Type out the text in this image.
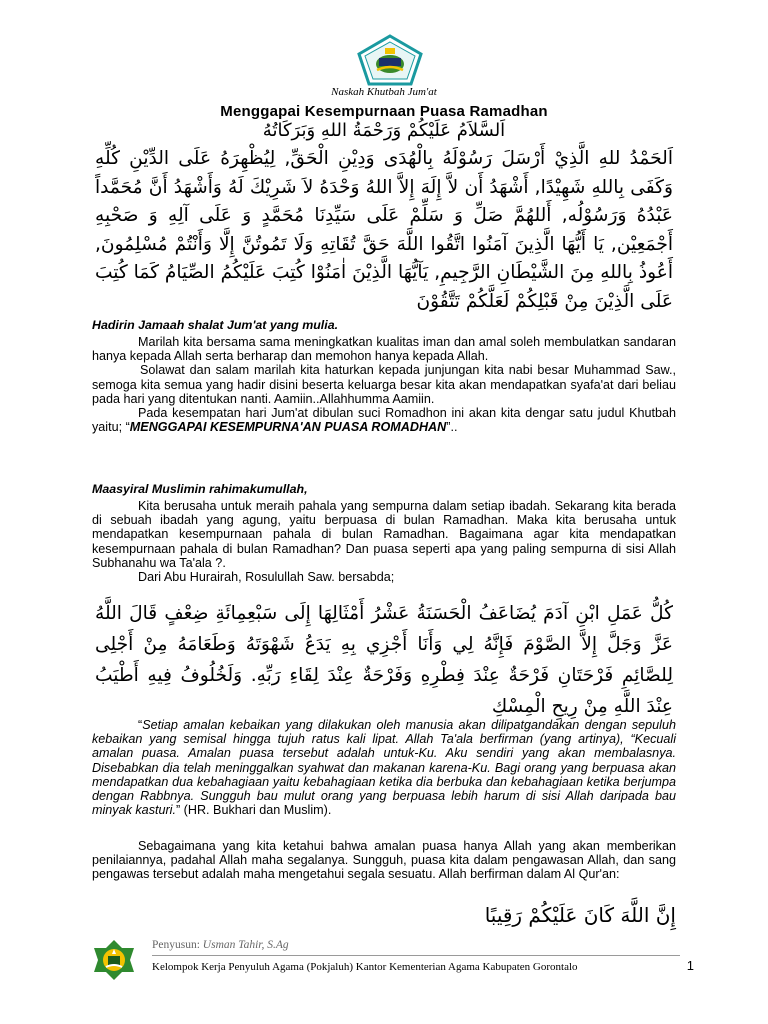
Naskah Khutbah Jum'at
Menggapai Kesempurnaan Puasa Ramadhan
اَلسَّلاَمُ عَلَيْكُمْ وَرَحْمَةُ اللهِ وَبَرَكَاتُهُ
اَلحَمْدُ للهِ الَّذِيْ أَرْسَلَ رَسُوْلَهُ بِالْهُدَى وَدِيْنِ الْحَقِّ, لِيُظْهِرَهُ عَلَى الدِّيْنِ كُلِّهِ وَكَفَى بِاللهِ شَهِيْدًا, أَشْهَدُ أَن لاَّ إِلَهَ إِلاَّ اللهُ وَحْدَهُ لاَ شَرِيْكَ لَهُ وَأَشْهَدُ أَنَّ مُحَمَّداً عَبْدُهُ وَرَسُوْلُه, أَللهُمَّ صَلِّ وَ سَلِّمْ عَلَى سَيِّدِنَا مُحَمَّدٍ وَ عَلَى آلِهِ وَ صَحْبِهِ أَجْمَعِيْن, يَا أَيُّهَا الَّذِينَ آمَنُوا اتَّقُوا اللَّهَ حَقَّ تُقَاتِهِ وَلَا تَمُوتُنَّ إِلَّا وَأَنْتُمْ مُسْلِمُونَ, أَعُوذُ بِاللهِ مِنَ الشَّيْطَانِ الرَّجِيمِ, يَآيُّهَا الَّذِيْنَ اٰمَنُوْا كُتِبَ عَلَيْكُمُ الصِّيَامُ كَمَا كُتِبَ عَلَى الَّذِيْنَ مِنْ قَبْلِكُمْ لَعَلَّكُمْ تَتَّقُوْنَ
Hadirin Jamaah shalat Jum'at yang mulia.

Marilah kita bersama sama meningkatkan kualitas iman dan amal soleh membulatkan sandaran hanya kepada Allah serta berharap dan memohon hanya kepada Allah.

Solawat dan salam marilah kita haturkan kepada junjungan kita nabi besar Muhammad Saw., semoga kita semua yang hadir disini beserta keluarga besar kita akan mendapatkan syafa'at dari beliau pada hari yang ditentukan nanti. Aamiin..Allahhumma Aamiin.

Pada kesempatan hari Jum'at dibulan suci Romadhon ini akan kita dengar satu judul Khutbah yaitu; “MENGGAPAI KESEMPURNA'AN PUASA ROMADHAN”..

Maasyiral Muslimin rahimakumullah,

Kita berusaha untuk meraih pahala yang sempurna dalam setiap ibadah. Sekarang kita berada di sebuah ibadah yang agung, yaitu berpuasa di bulan Ramadhan. Maka kita berusaha untuk mendapatkan kesempurnaan pahala di bulan Ramadhan. Bagaimana agar kita mendapatkan kesempurnaan pahala di bulan Ramadhan? Dan puasa seperti apa yang paling sempurna di sisi Allah Subhanahu wa Ta'ala ?.

Dari Abu Hurairah, Rosulullah Saw. bersabda;

كُلُّ عَمَلِ ابْنِ آدَمَ يُضَاعَفُ الْحَسَنَةُ عَشْرُ أَمْثَالِهَا إِلَى سَبْعِمِائَةِ ضِعْفٍ قَالَ اللَّهُ عَزَّ وَجَلَّ إِلاَّ الصَّوْمَ فَإِنَّهُ لِي وَأَنَا أَجْزِي بِهِ يَدَعُ شَهْوَتَهُ وَطَعَامَهُ مِنْ أَجْلِى لِلصَّائِمِ فَرْحَتَانِ فَرْحَةٌ عِنْدَ فِطْرِهِ وَفَرْحَةٌ عِنْدَ لِقَاءِ رَبِّهِ. وَلَخُلُوفُ فِيهِ أَطْيَبُ عِنْدَ اللَّهِ مِنْ رِيحِ الْمِسْكِ

“Setiap amalan kebaikan yang dilakukan oleh manusia akan dilipatgandakan dengan sepuluh kebaikan yang semisal hingga tujuh ratus kali lipat. Allah Ta'ala berfirman (yang artinya), “Kecuali amalan puasa. Amalan puasa tersebut adalah untuk-Ku. Aku sendiri yang akan membalasnya. Disebabkan dia telah meninggalkan syahwat dan makanan karena-Ku. Bagi orang yang berpuasa akan mendapatkan dua kebahagiaan yaitu kebahagiaan ketika dia berbuka dan kebahagiaan ketika berjumpa dengan Rabbnya. Sungguh bau mulut orang yang berpuasa lebih harum di sisi Allah daripada bau minyak kasturi.” (HR. Bukhari dan Muslim).

Sebagaimana yang kita ketahui bahwa amalan puasa hanya Allah yang akan memberikan penilaiannya, padahal Allah maha segalanya. Sungguh, puasa kita dalam pengawasan Allah, dan sang pengawas tersebut adalah maha mengetahui segala sesuatu. Allah berfirman dalam Al Qur'an:

إِنَّ اللَّهَ كَانَ عَلَيْكُمْ رَقِيبًا
Penyusun: Usman Tahir, S.Ag
Kelompok Kerja Penyuluh Agama (Pokjaluh) Kantor Kementerian Agama Kabupaten Gorontalo	1
